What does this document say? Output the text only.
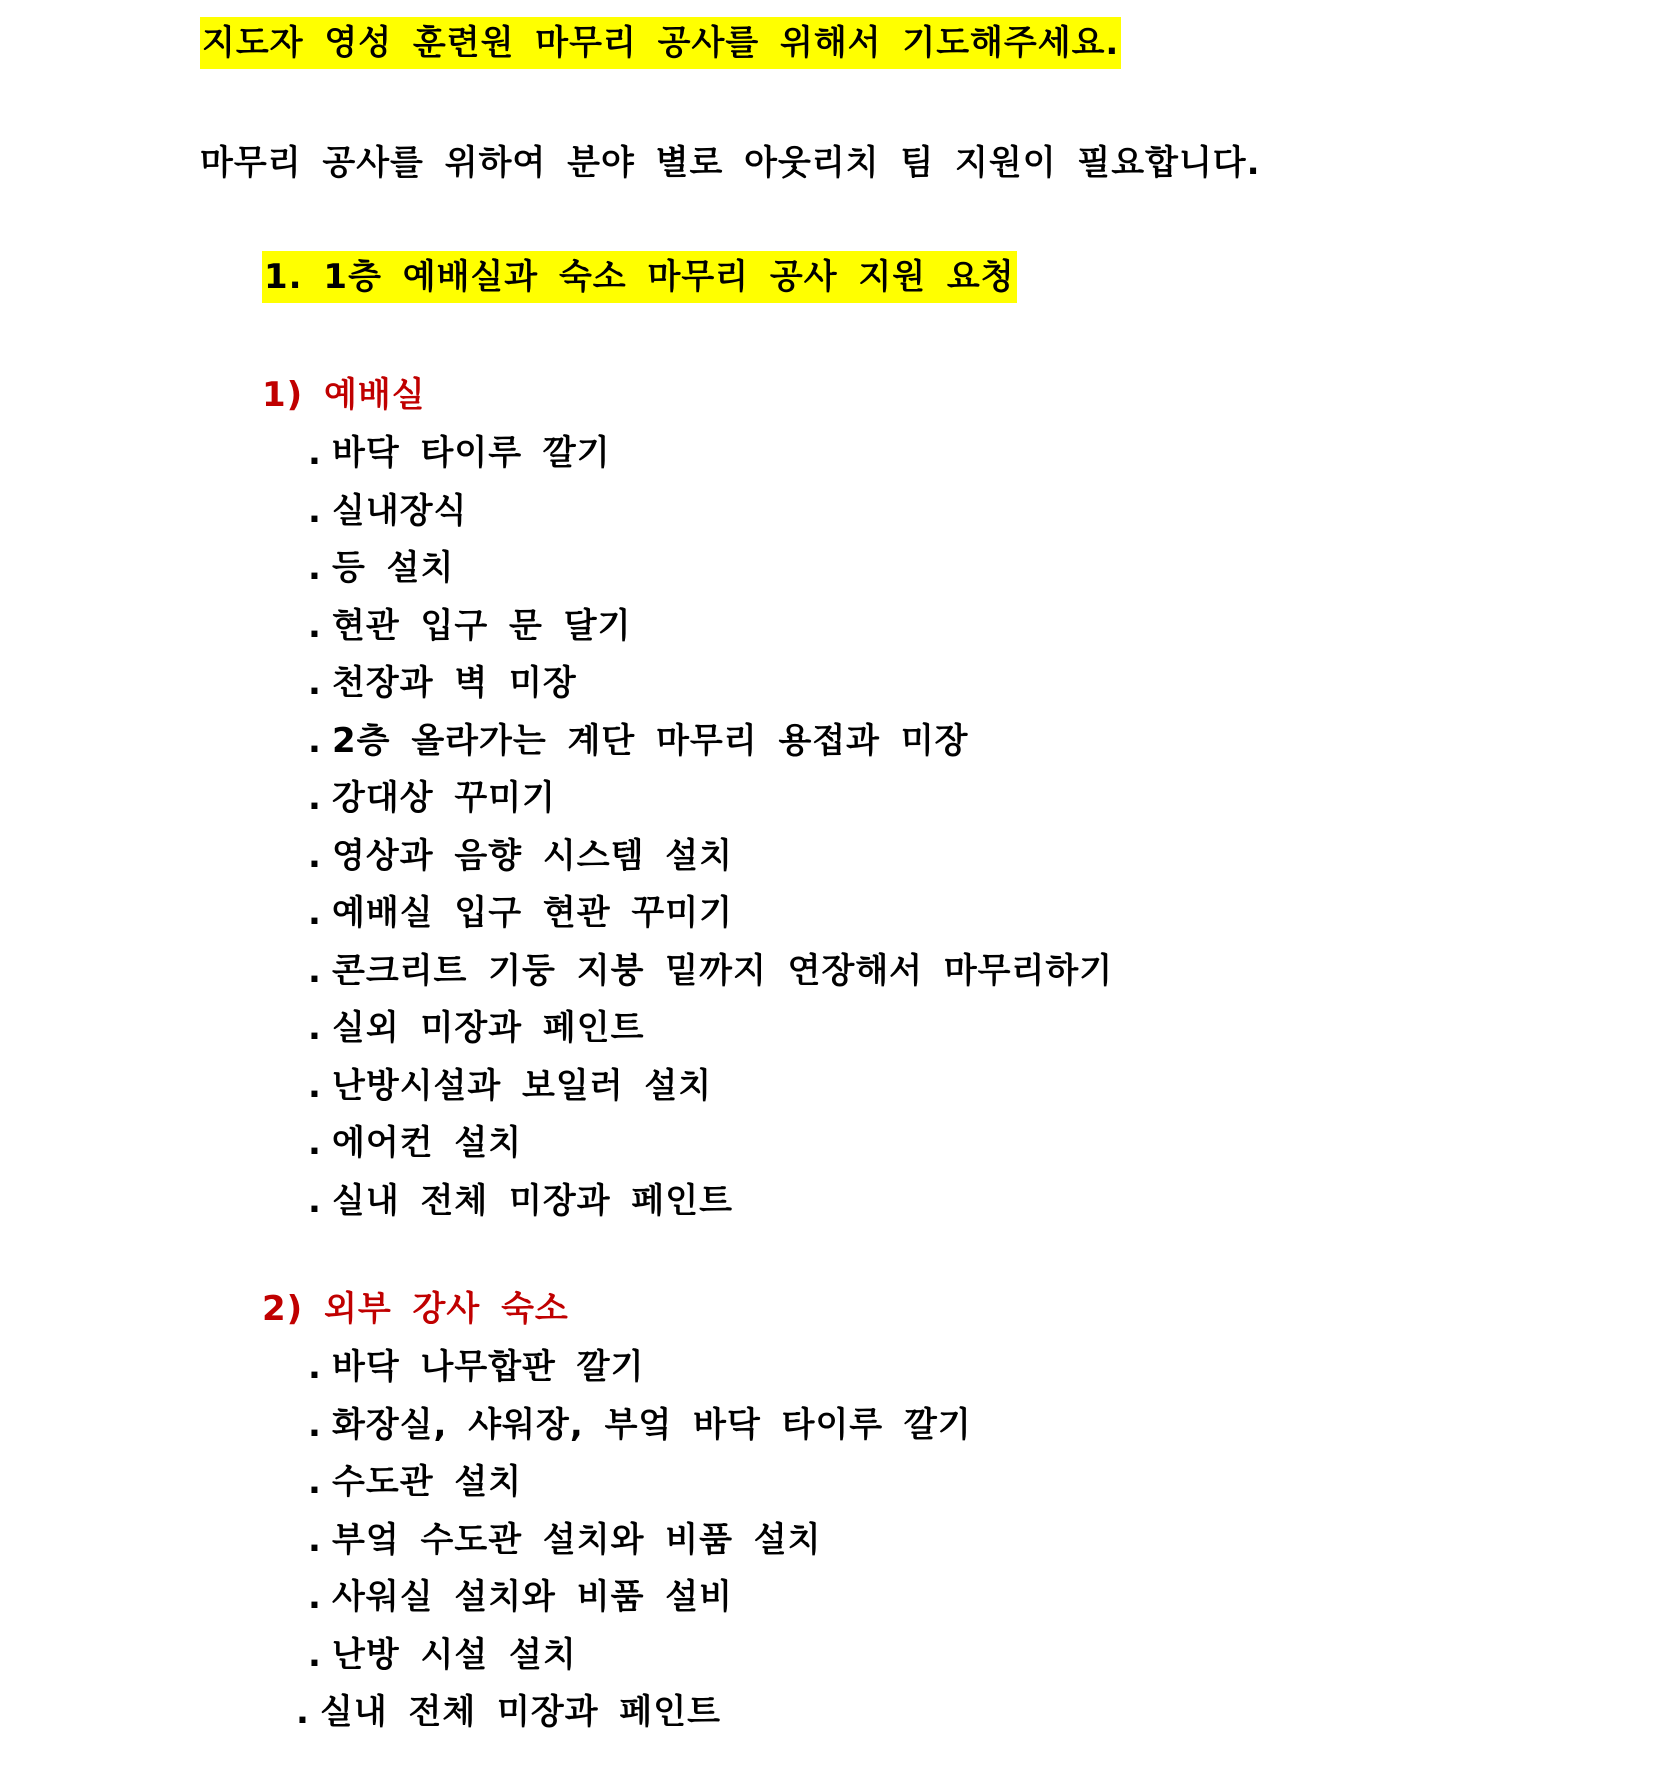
지도자 영성 훈련원 마무리 공사를 위해서 기도해주세요.
마무리 공사를 위하여 분야 별로 아웃리치 팀 지원이 필요합니다.
1. 1층 예배실과 숙소 마무리 공사 지원 요청
1) 예배실
. 바닥 타이루 깔기
. 실내장식
. 등 설치
. 현관 입구 문 달기
. 천장과 벽 미장
. 2층 올라가는 계단 마무리 용접과 미장
. 강대상 꾸미기
. 영상과 음향 시스템 설치
. 예배실 입구 현관 꾸미기
. 콘크리트 기둥 지붕 밑까지 연장해서 마무리하기
. 실외 미장과 페인트
. 난방시설과 보일러 설치
. 에어컨 설치
. 실내 전체 미장과 페인트
2) 외부 강사 숙소
. 바닥 나무합판 깔기
. 화장실, 샤워장, 부엌 바닥 타이루 깔기
. 수도관 설치
. 부엌 수도관 설치와 비품 설치
. 사워실 설치와 비품 설비
. 난방 시설 설치
. 실내 전체 미장과 페인트
